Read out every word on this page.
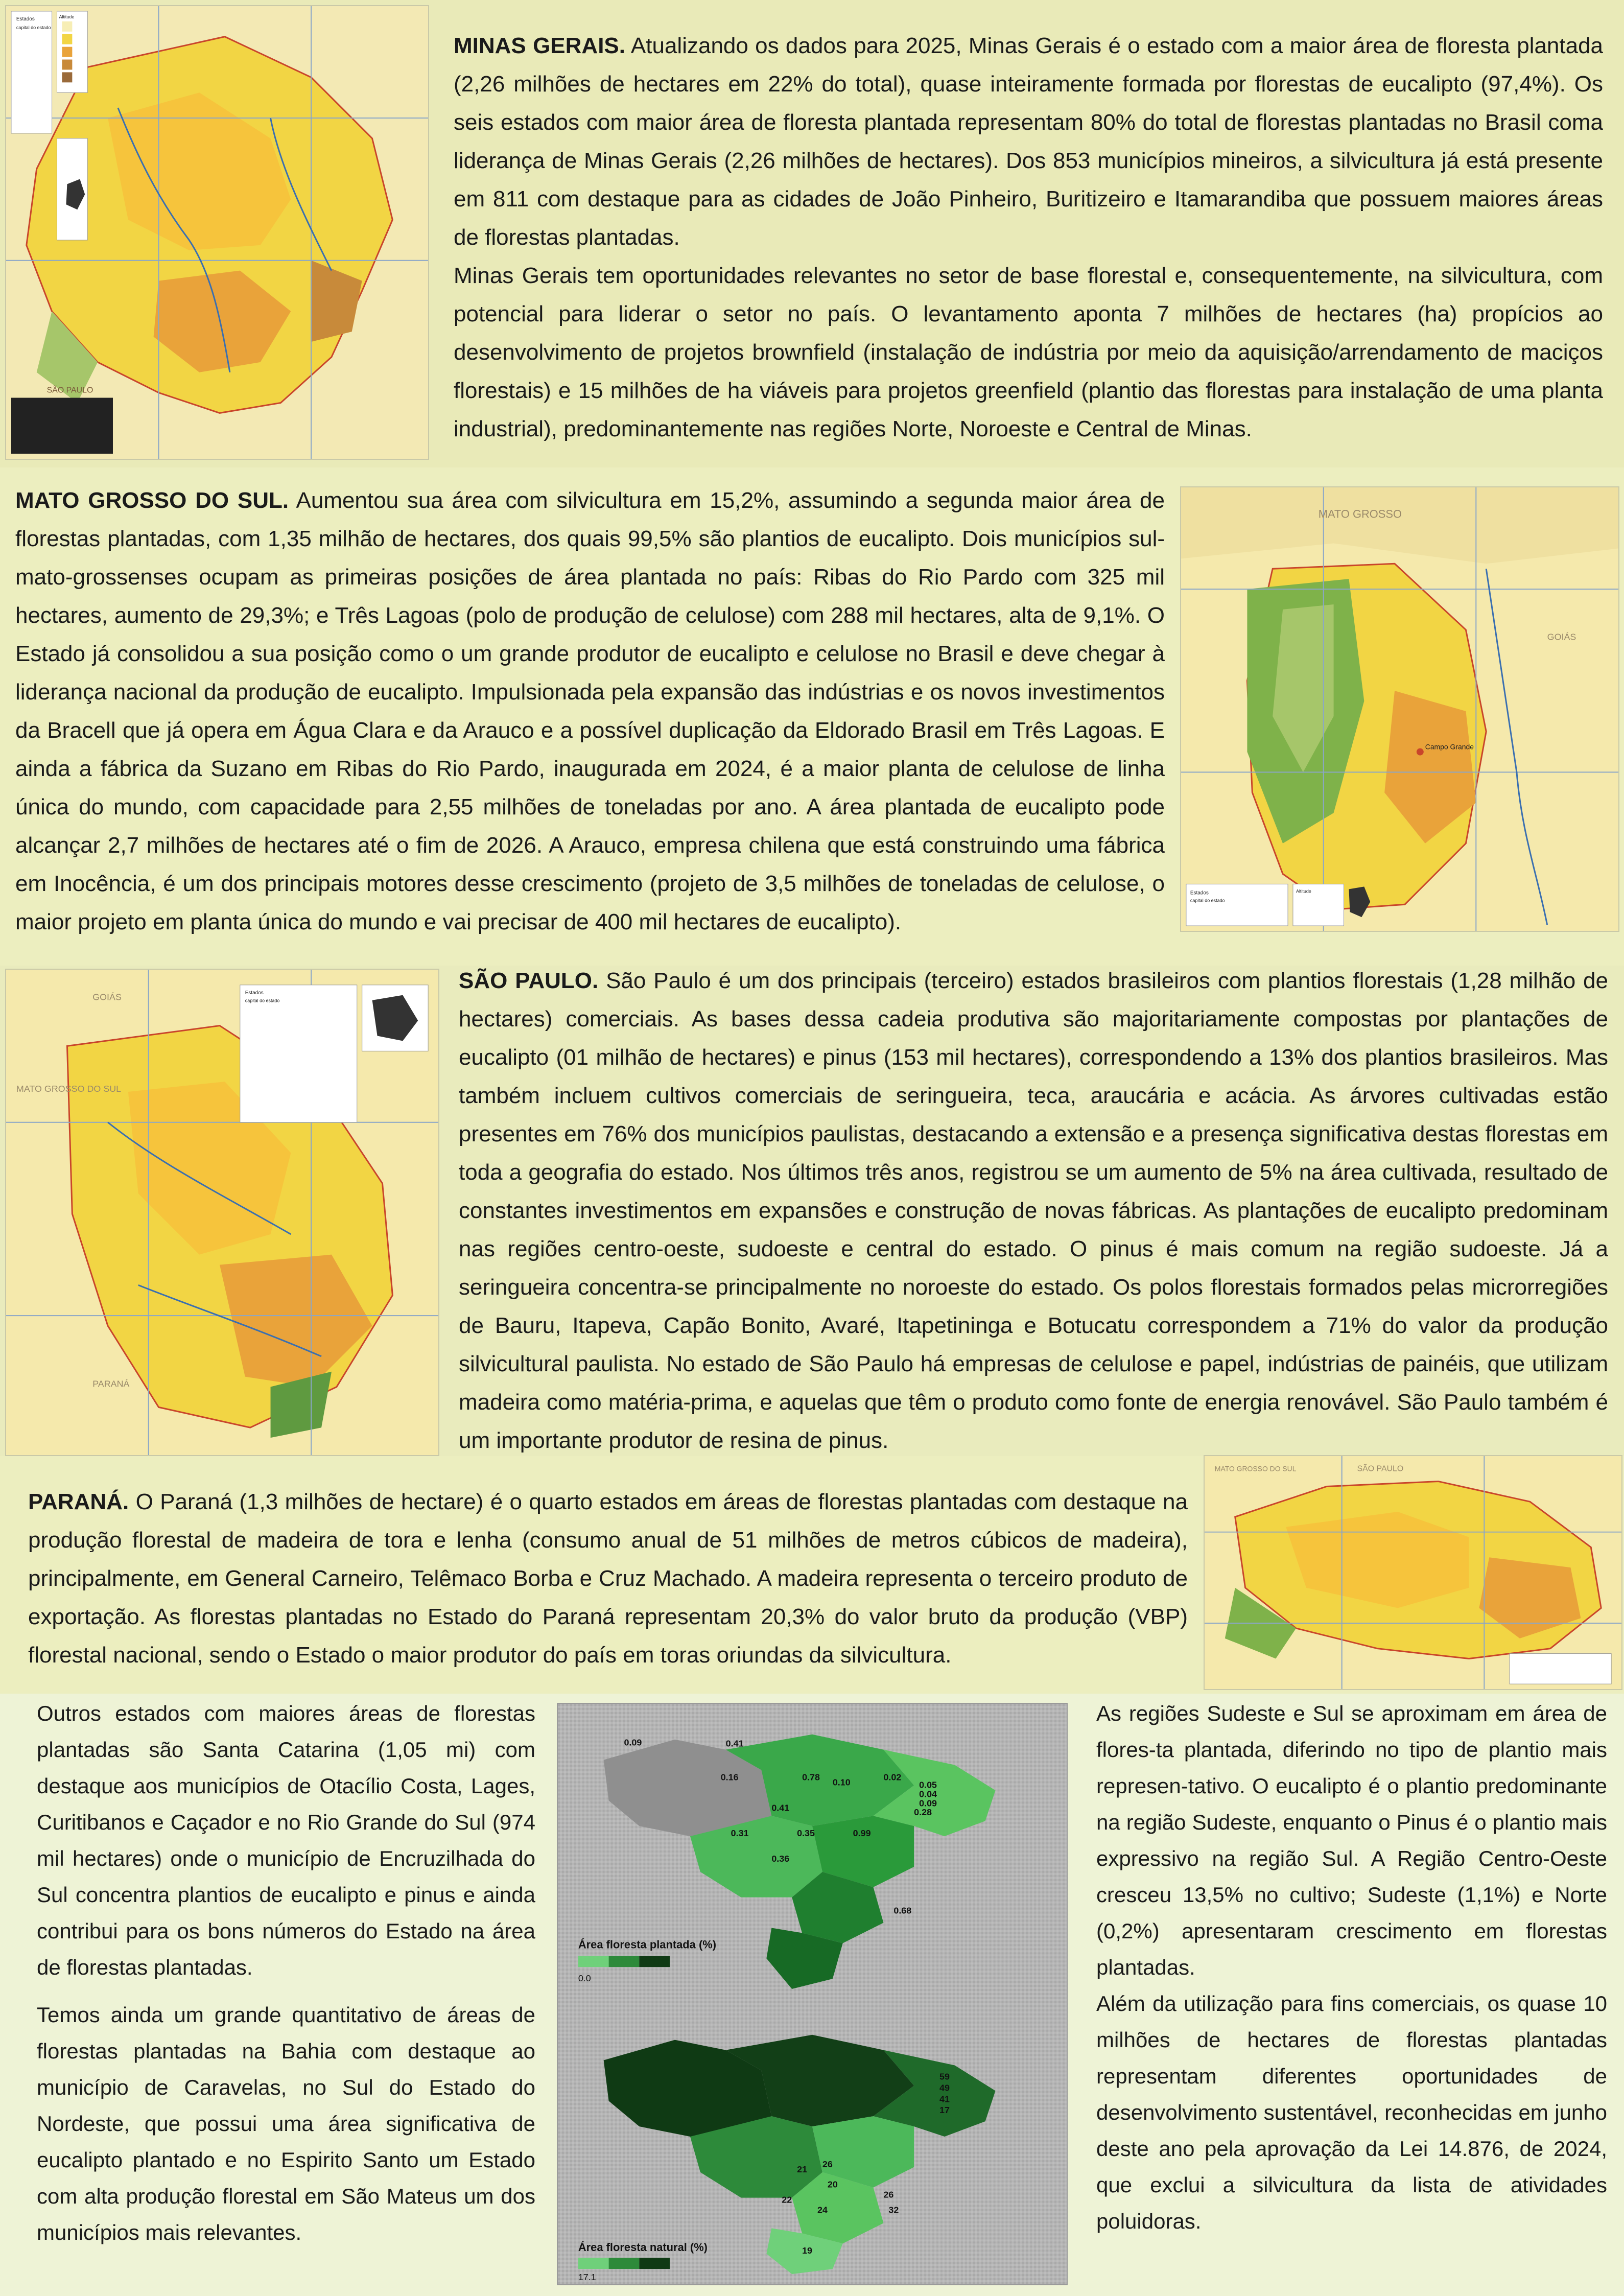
Estados
capital do estado
Altitude
SÃO PAULO

MINAS GERAIS. Atualizando os dados para 2025, Minas Gerais é o estado com a maior área de floresta plantada (2,26 milhões de hectares em 22% do total), quase inteiramente formada por florestas de eucalipto (97,4%). Os seis estados com maior área de floresta plantada representam 80% do total de florestas plantadas no Brasil coma liderança de Minas Gerais (2,26 milhões de hectares). Dos 853 municípios mineiros, a silvicultura já está presente em 811 com destaque para as cidades de João Pinheiro, Buritizeiro e Itamarandiba que possuem maiores áreas de florestas plantadas.

Minas Gerais tem oportunidades relevantes no setor de base florestal e, consequentemente, na silvicultura, com potencial para liderar o setor no país. O levantamento aponta 7 milhões de hectares (ha) propícios ao desenvolvimento de projetos brownfield (instalação de indústria por meio da aquisição/arrendamento de maciços florestais) e 15 milhões de ha viáveis para projetos greenfield (plantio das florestas para instalação de uma planta industrial), predominantemente nas regiões Norte, Noroeste e Central de Minas.

MATO GROSSO DO SUL. Aumentou sua área com silvicultura em 15,2%, assumindo a segunda maior área de florestas plantadas, com 1,35 milhão de hectares, dos quais 99,5% são plantios de eucalipto. Dois municípios sul-mato-grossenses ocupam as primeiras posições de área plantada no país: Ribas do Rio Pardo com 325 mil hectares, aumento de 29,3%; e Três Lagoas (polo de produção de celulose) com 288 mil hectares, alta de 9,1%. O Estado já consolidou a sua posição como o um grande produtor de eucalipto e celulose no Brasil e deve chegar à liderança nacional da produção de eucalipto. Impulsionada pela expansão das indústrias e os novos investimentos da Bracell que já opera em Água Clara e da Arauco e a possível duplicação da Eldorado Brasil em Três Lagoas. E ainda a fábrica da Suzano em Ribas do Rio Pardo, inaugurada em 2024, é a maior planta de celulose de linha única do mundo, com capacidade para 2,55 milhões de toneladas por ano. A área plantada de eucalipto pode alcançar 2,7 milhões de hectares até o fim de 2026. A Arauco, empresa chilena que está construindo uma fábrica em Inocência, é um dos principais motores desse crescimento (projeto de 3,5 milhões de toneladas de celulose, o maior projeto em planta única do mundo e vai precisar de 400 mil hectares de eucalipto).

Campo Grande
MATO GROSSO
GOIÁS
Estados
capital do estado
Altitude
GOIÁS
MATO GROSSO DO SUL
PARANÁ
Estados
capital do estado

SÃO PAULO. São Paulo é um dos principais (terceiro) estados brasileiros com plantios florestais (1,28 milhão de hectares) comerciais. As bases dessa cadeia produtiva são majoritariamente compostas por plantações de eucalipto (01 milhão de hectares) e pinus (153 mil hectares), correspondendo a 13% dos plantios brasileiros. Mas também incluem cultivos comerciais de seringueira, teca, araucária e acácia. As árvores cultivadas estão presentes em 76% dos municípios paulistas, destacando a extensão e a presença significativa destas florestas em toda a geografia do estado. Nos últimos três anos, registrou se um aumento de 5% na área cultivada, resultado de constantes investimentos em expansões e construção de novas fábricas. As plantações de eucalipto predominam nas regiões centro-oeste, sudoeste e central do estado. O pinus é mais comum na região sudoeste. Já a seringueira concentra-se principalmente no noroeste do estado. Os polos florestais formados pelas microrregiões de Bauru, Itapeva, Capão Bonito, Avaré, Itapetininga e Botucatu correspondem a 71% do valor da produção silvicultural paulista. No estado de São Paulo há empresas de celulose e papel, indústrias de painéis, que utilizam madeira como matéria-prima, e aquelas que têm o produto como fonte de energia renovável. São Paulo também é um importante produtor de resina de pinus.

SÃO PAULO
MATO GROSSO DO SUL

PARANÁ. O Paraná (1,3 milhões de hectare) é o quarto estados em áreas de florestas plantadas com destaque na produção florestal de madeira de tora e lenha (consumo anual de 51 milhões de metros cúbicos de madeira), principalmente, em General Carneiro, Telêmaco Borba e Cruz Machado. A madeira representa o terceiro produto de exportação. As florestas plantadas no Estado do Paraná representam 20,3% do valor bruto da produção (VBP) florestal nacional, sendo o Estado o maior produtor do país em toras oriundas da silvicultura.

Outros estados com maiores áreas de florestas plantadas são Santa Catarina (1,05 mi) com destaque aos municípios de Otacílio Costa, Lages, Curitibanos e Caçador e no Rio Grande do Sul (974 mil hectares) onde o município de Encruzilhada do Sul concentra plantios de eucalipto e pinus e ainda contribui para os bons números do Estado na área de florestas plantadas.

Temos ainda um grande quantitativo de áreas de florestas plantadas na Bahia com destaque ao município de Caravelas, no Sul do Estado do Nordeste, que possui uma área significativa de eucalipto plantado e no Espirito Santo um Estado com alta produção florestal em São Mateus um dos municípios mais relevantes.

Área floresta plantada (%)
0.0
0.09	0.41
0.16	0.78 0.10	0.02
0.05
0.04
0.09
0.28
0.41
0.31	0.35	0.99
0.36
0.68
Área floresta natural (%)
17.1
59
49
41
17
26
20
21
22
24
26
32
19

As regiões Sudeste e Sul se aproximam em área de flores-ta plantada, diferindo no tipo de plantio mais represen-tativo. O eucalipto é o plantio predominante na região Sudeste, enquanto o Pinus é o plantio mais expressivo na região Sul. A Região Centro-Oeste cresceu 13,5% no cultivo; Sudeste (1,1%) e Norte (0,2%) apresentaram crescimento em florestas plantadas.

Além da utilização para fins comerciais, os quase 10 milhões de hectares de florestas plantadas representam diferentes oportunidades de desenvolvimento sustentável, reconhecidas em junho deste ano pela aprovação da Lei 14.876, de 2024, que exclui a silvicultura da lista de atividades poluidoras.
